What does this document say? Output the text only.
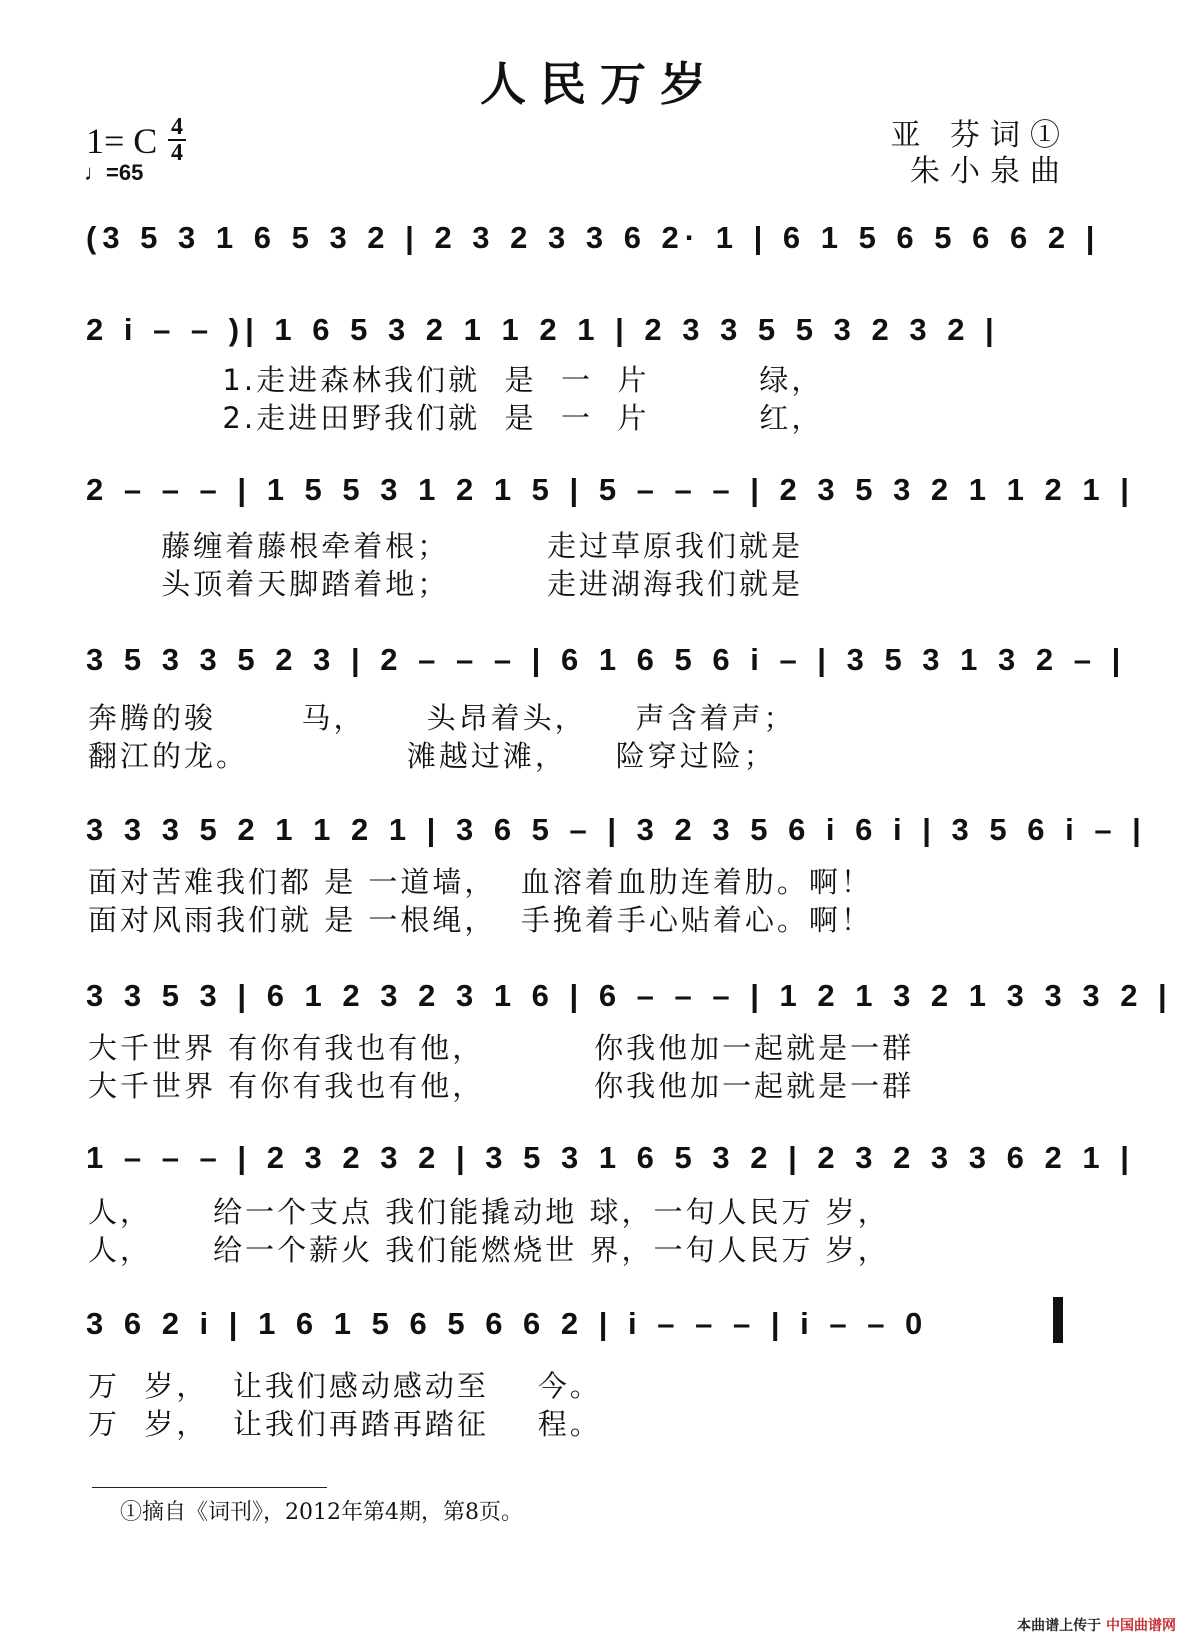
人民万岁
亚 芬词①
朱小泉曲
1= C 4
4
♩=65
(3 5 3 1 6 5 3 2 | 2 3 2 3 3 6 2· 1 | 6 1 5 6 5 6 6 2 |
2 i – – )| 1 6 5 3 2 1 1 2 1 | 2 3 3 5 5 3 2 3 2 |
1.走进森林我们就  是  一  片         绿，
2.走进田野我们就  是  一  片         红，
2 – – – | 1 5 5 3 1 2 1 5 | 5 – – – | 2 3 5 3 2 1 1 2 1 |
藤缠着藤根牵着根；        走过草原我们就是
头顶着天脚踏着地；        走进湖海我们就是
3 5 3 3 5 2 3 | 2 – – – | 6 1 6 5 6 i – | 3 5 3 1 3 2 – |
奔腾的骏       马，     头昂着头，    声含着声；
翻江的龙。             滩越过滩，    险穿过险；
3 3 3 5 2 1 1 2 1 | 3 6 5 – | 3 2 3 5 6 i 6 i | 3 5 6 i – |
面对苦难我们都 是 一道墙，  血溶着血肋连着肋。啊！
面对风雨我们就 是 一根绳，  手挽着手心贴着心。啊！
3 3 5 3 | 6 1 2 3 2 3 1 6 | 6 – – – | 1 2 1 3 2 1 3 3 3 2 |
大千世界 有你有我也有他，         你我他加一起就是一群
大千世界 有你有我也有他，         你我他加一起就是一群
1 – – – | 2 3 2 3 2 | 3 5 3 1 6 5 3 2 | 2 3 2 3 3 6 2 1 |
人，     给一个支点 我们能撬动地 球，一句人民万 岁，
人，     给一个薪火 我们能燃烧世 界，一句人民万 岁，
3 6 2 i | 1 6 1 5 6 5 6 6 2 | i – – – | i – – 0
万  岁，  让我们感动感动至    今。
万  岁，  让我们再踏再踏征    程。
①摘自《词刊》，2012年第4期，第8页。
本曲谱上传于 中国曲谱网
